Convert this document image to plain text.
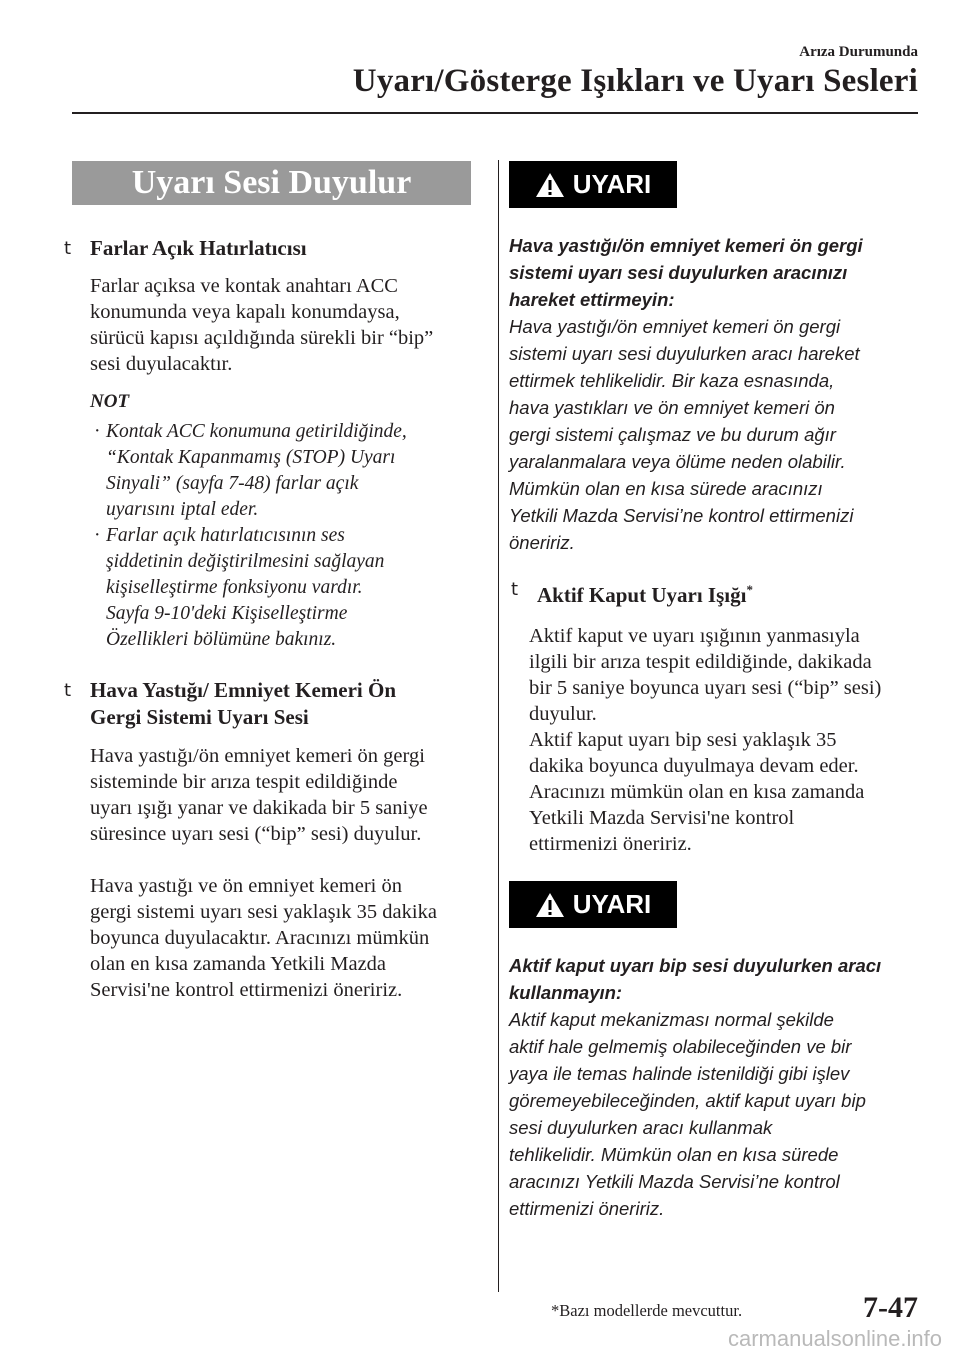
Arıza Durumunda
Uyarı/Gösterge Işıkları ve Uyarı Sesleri
Uyarı Sesi Duyulur
t Farlar Açık Hatırlatıcısı

Farlar açıksa ve kontak anahtarı ACC

konumunda veya kapalı konumdaysa,

sürücü kapısı açıldığında sürekli bir “bip”

sesi duyulacaktır.

NOT
· Kontak ACC konumuna getirildiğinde,
“Kontak Kapanmamış (STOP) Uyarı
Sinyali” (sayfa 7-48) farlar açık
uyarısını iptal eder.
· Farlar açık hatırlatıcısının ses
şiddetinin değiştirilmesini sağlayan
kişiselleştirme fonksiyonu vardır.
Sayfa 9-10'deki Kişiselleştirme
Özellikleri bölümüne bakınız.
t Hava Yastığı/ Emniyet Kemeri Ön
Gergi Sistemi Uyarı Sesi

Hava yastığı/ön emniyet kemeri ön gergi

sisteminde bir arıza tespit edildiğinde

uyarı ışığı yanar ve dakikada bir 5 saniye

süresince uyarı sesi (“bip” sesi) duyulur.

Hava yastığı ve ön emniyet kemeri ön

gergi sistemi uyarı sesi yaklaşık 35 dakika

boyunca duyulacaktır. Aracınızı mümkün

olan en kısa zamanda Yetkili Mazda

Servisi'ne kontrol ettirmenizi öneririz.

UYARI
Hava yastığı/ön emniyet kemeri ön gergi
sistemi uyarı sesi duyulurken aracınızı
hareket ettirmeyin:
Hava yastığı/ön emniyet kemeri ön gergi
sistemi uyarı sesi duyulurken aracı hareket
ettirmek tehlikelidir. Bir kaza esnasında,
hava yastıkları ve ön emniyet kemeri ön
gergi sistemi çalışmaz ve bu durum ağır
yaralanmalara veya ölüme neden olabilir.
Mümkün olan en kısa sürede aracınızı
Yetkili Mazda Servisi’ne kontrol ettirmenizi
öneririz.
t Aktif Kaput Uyarı Işığı*

Aktif kaput ve uyarı ışığının yanmasıyla

ilgili bir arıza tespit edildiğinde, dakikada

bir 5 saniye boyunca uyarı sesi (“bip” sesi)

duyulur.

Aktif kaput uyarı bip sesi yaklaşık 35

dakika boyunca duyulmaya devam eder.

Aracınızı mümkün olan en kısa zamanda

Yetkili Mazda Servisi'ne kontrol

ettirmenizi öneririz.

UYARI
Aktif kaput uyarı bip sesi duyulurken aracı
kullanmayın:
Aktif kaput mekanizması normal şekilde
aktif hale gelmemiş olabileceğinden ve bir
yaya ile temas halinde istenildiği gibi işlev
göremeyebileceğinden, aktif kaput uyarı bip
sesi duyulurken aracı kullanmak
tehlikelidir. Mümkün olan en kısa sürede
aracınızı Yetkili Mazda Servisi’ne kontrol
ettirmenizi öneririz.
*Bazı modellerde mevcuttur.	7-47
carmanualsonline.info
